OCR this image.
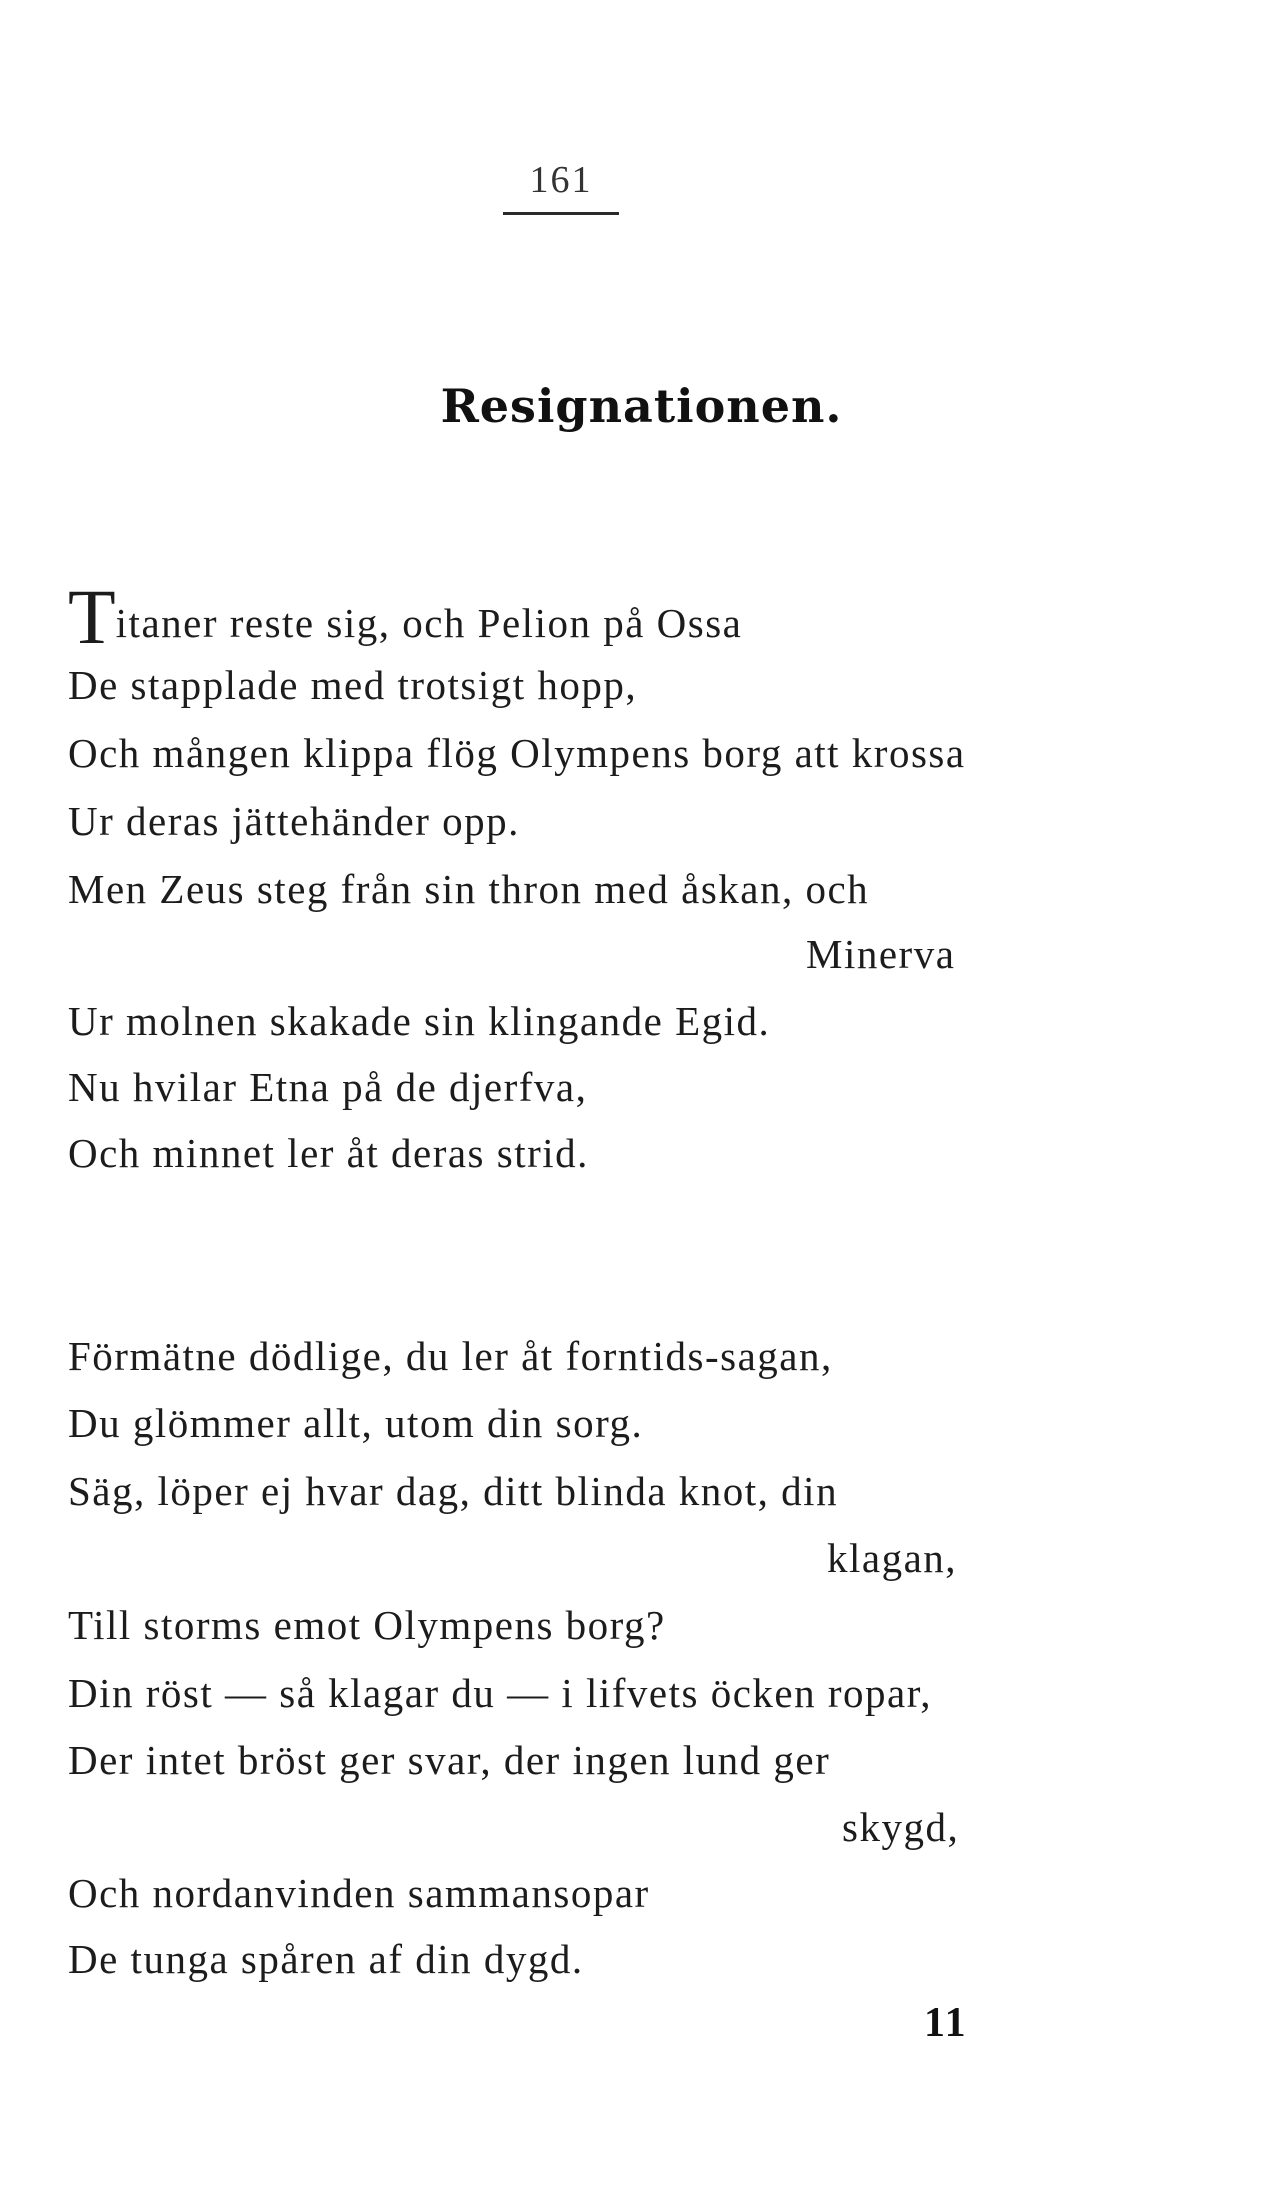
161
Resignationen.
Titaner reste sig, och Pelion på Ossa
De stapplade med trotsigt hopp,
Och mången klippa flög Olympens borg att krossa
Ur deras jättehänder opp.
Men Zeus steg från sin thron med åskan, och
Minerva
Ur molnen skakade sin klingande Egid.
Nu hvilar Etna på de djerfva,
Och minnet ler åt deras strid.
Förmätne dödlige, du ler åt forntids-sagan,
Du glömmer allt, utom din sorg.
Säg, löper ej hvar dag, ditt blinda knot, din
klagan,
Till storms emot Olympens borg?
Din röst — så klagar du — i lifvets öcken ropar,
Der intet bröst ger svar, der ingen lund ger
skygd,
Och nordanvinden sammansopar
De tunga spåren af din dygd.
11
